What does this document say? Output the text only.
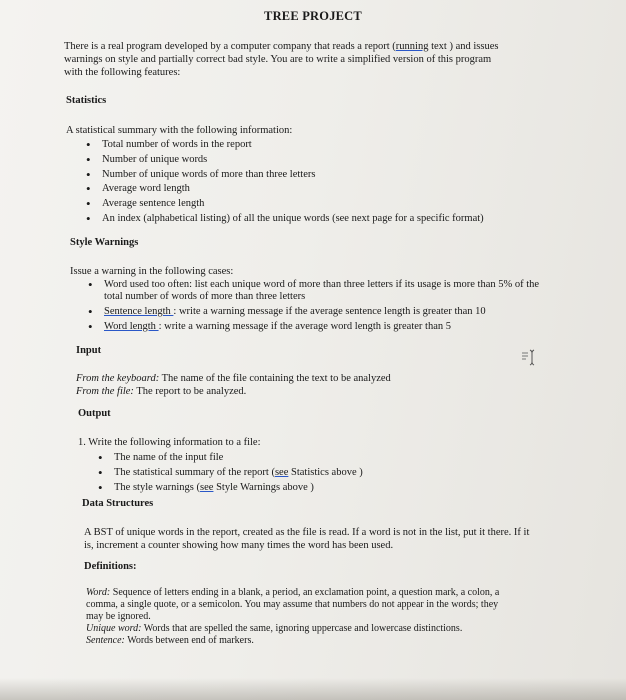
TREE PROJECT
There is a real program developed by a computer company that reads a report (running text ) and issues
warnings on style and partially correct bad style. You are to write a simplified version of this program
with the following features:
Statistics
A statistical summary with the following information:
• Total number of words in the report
• Number of unique words
• Number of unique words of more than three letters
• Average word length
• Average sentence length
• An index (alphabetical listing) of all the unique words (see next page for a specific format)
Style Warnings
Issue a warning in the following cases:
• Word used too often: list each unique word of more than three letters if its usage is more than 5% of the total number of words of more than three letters
• Sentence length : write a warning message if the average sentence length is greater than 10
• Word length : write a warning message if the average word length is greater than 5
Input
From the keyboard: The name of the file containing the text to be analyzed
From the file: The report to be analyzed.
Output
1. Write the following information to a file:
• The name of the input file
• The statistical summary of the report (see Statistics above )
• The style warnings (see Style Warnings above )
Data Structures
A BST of unique words in the report, created as the file is read. If a word is not in the list, put it there. If it
is, increment a counter showing how many times the word has been used.
Definitions:
Word: Sequence of letters ending in a blank, a period, an exclamation point, a question mark, a colon, a
comma, a single quote, or a semicolon. You may assume that numbers do not appear in the words; they
may be ignored.
Unique word: Words that are spelled the same, ignoring uppercase and lowercase distinctions.
Sentence: Words between end of markers.
